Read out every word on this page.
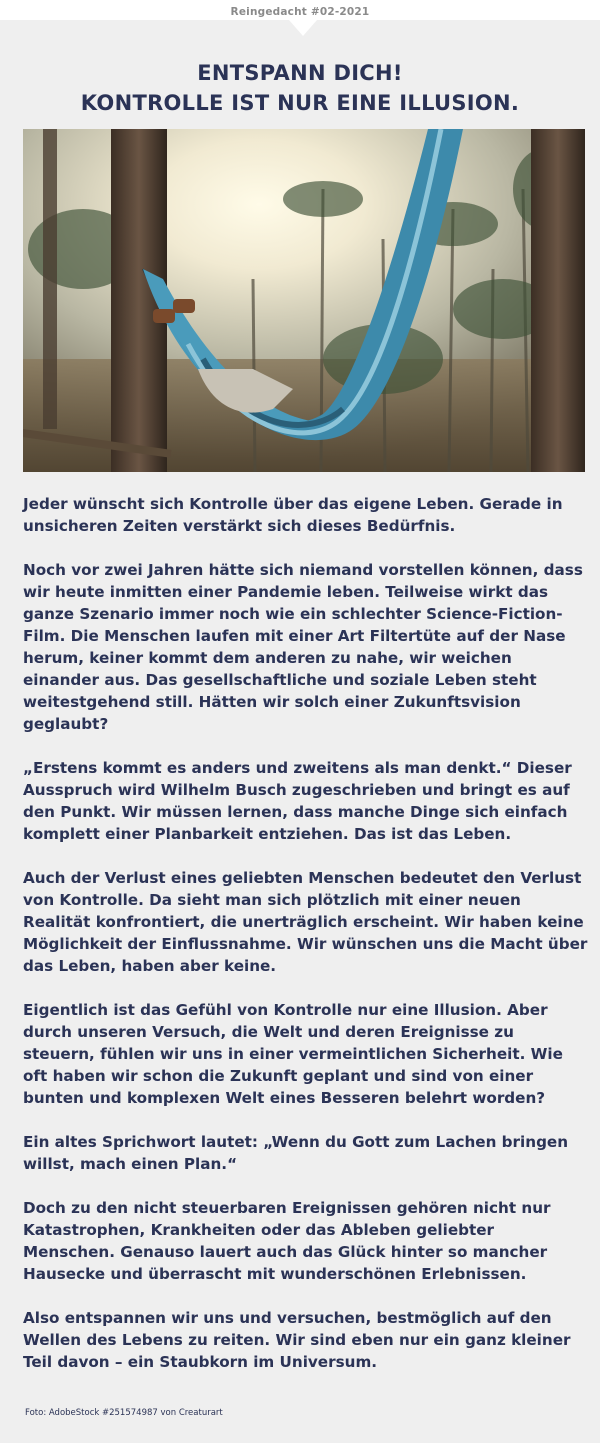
Reingedacht #02-2021
ENTSPANN DICH!
KONTROLLE IST NUR EINE ILLUSION.

Jeder wünscht sich Kontrolle über das eigene Leben. Gerade in unsicheren Zeiten verstärkt sich dieses Bedürfnis.

Noch vor zwei Jahren hätte sich niemand vorstellen können, dass wir heute inmitten einer Pandemie leben. Teilweise wirkt das ganze Szenario immer noch wie ein schlechter Science-Fiction-Film. Die Menschen laufen mit einer Art Filtertüte auf der Nase herum, keiner kommt dem anderen zu nahe, wir weichen einander aus. Das gesellschaftliche und soziale Leben steht weitestgehend still. Hätten wir solch einer Zukunftsvision geglaubt?

„Erstens kommt es anders und zweitens als man denkt.“ Dieser Ausspruch wird Wilhelm Busch zugeschrieben und bringt es auf den Punkt. Wir müssen lernen, dass manche Dinge sich einfach komplett einer Planbarkeit entziehen. Das ist das Leben.

Auch der Verlust eines geliebten Menschen bedeutet den Verlust von Kontrolle. Da sieht man sich plötzlich mit einer neuen Realität konfrontiert, die unerträglich erscheint. Wir haben keine Möglichkeit der Einflussnahme. Wir wünschen uns die Macht über das Leben, haben aber keine.

Eigentlich ist das Gefühl von Kontrolle nur eine Illusion. Aber durch unseren Versuch, die Welt und deren Ereignisse zu steuern, fühlen wir uns in einer vermeintlichen Sicherheit. Wie oft haben wir schon die Zukunft geplant und sind von einer bunten und komplexen Welt eines Besseren belehrt worden?

Ein altes Sprichwort lautet: „Wenn du Gott zum Lachen bringen willst, mach einen Plan.“

Doch zu den nicht steuerbaren Ereignissen gehören nicht nur Katastrophen, Krankheiten oder das Ableben geliebter Menschen. Genauso lauert auch das Glück hinter so mancher Hausecke und überrascht mit wunderschönen Erlebnissen.

Also entspannen wir uns und versuchen, bestmöglich auf den Wellen des Lebens zu reiten. Wir sind eben nur ein ganz kleiner Teil davon – ein Staubkorn im Universum.

Foto: AdobeStock #251574987 von Creaturart
